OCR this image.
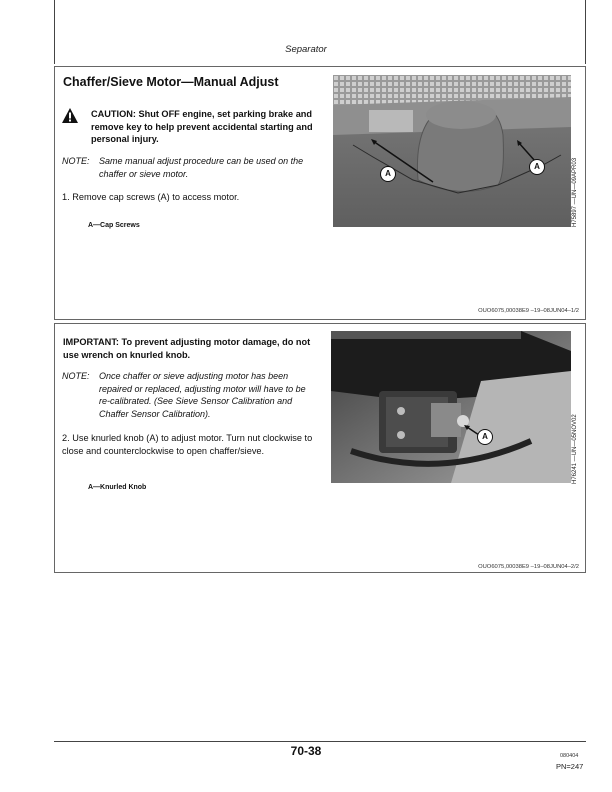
Separator
Chaffer/Sieve Motor—Manual Adjust
CAUTION: Shut OFF engine, set parking brake and remove key to help prevent accidental starting and personal injury.
NOTE: Same manual adjust procedure can be used on the chaffer or sieve motor.
1. Remove cap screws (A) to access motor.
A—Cap Screws
A
A	H75897 —UN—09APR03
OUO6075,00038E9 –19–08JUN04–1/2
IMPORTANT: To prevent adjusting motor damage, do not use wrench on knurled knob.
NOTE: Once chaffer or sieve adjusting motor has been repaired or replaced, adjusting motor will have to be re-calibrated. (See Sieve Sensor Calibration and Chaffer Sensor Calibration).
2. Use knurled knob (A) to adjust motor. Turn nut clockwise to close and counterclockwise to open chaffer/sieve.
A—Knurled Knob
A	H76241 —UN—05NOV02
OUO6075,00038E9 –19–08JUN04–2/2
70-38	080404
PN=247
